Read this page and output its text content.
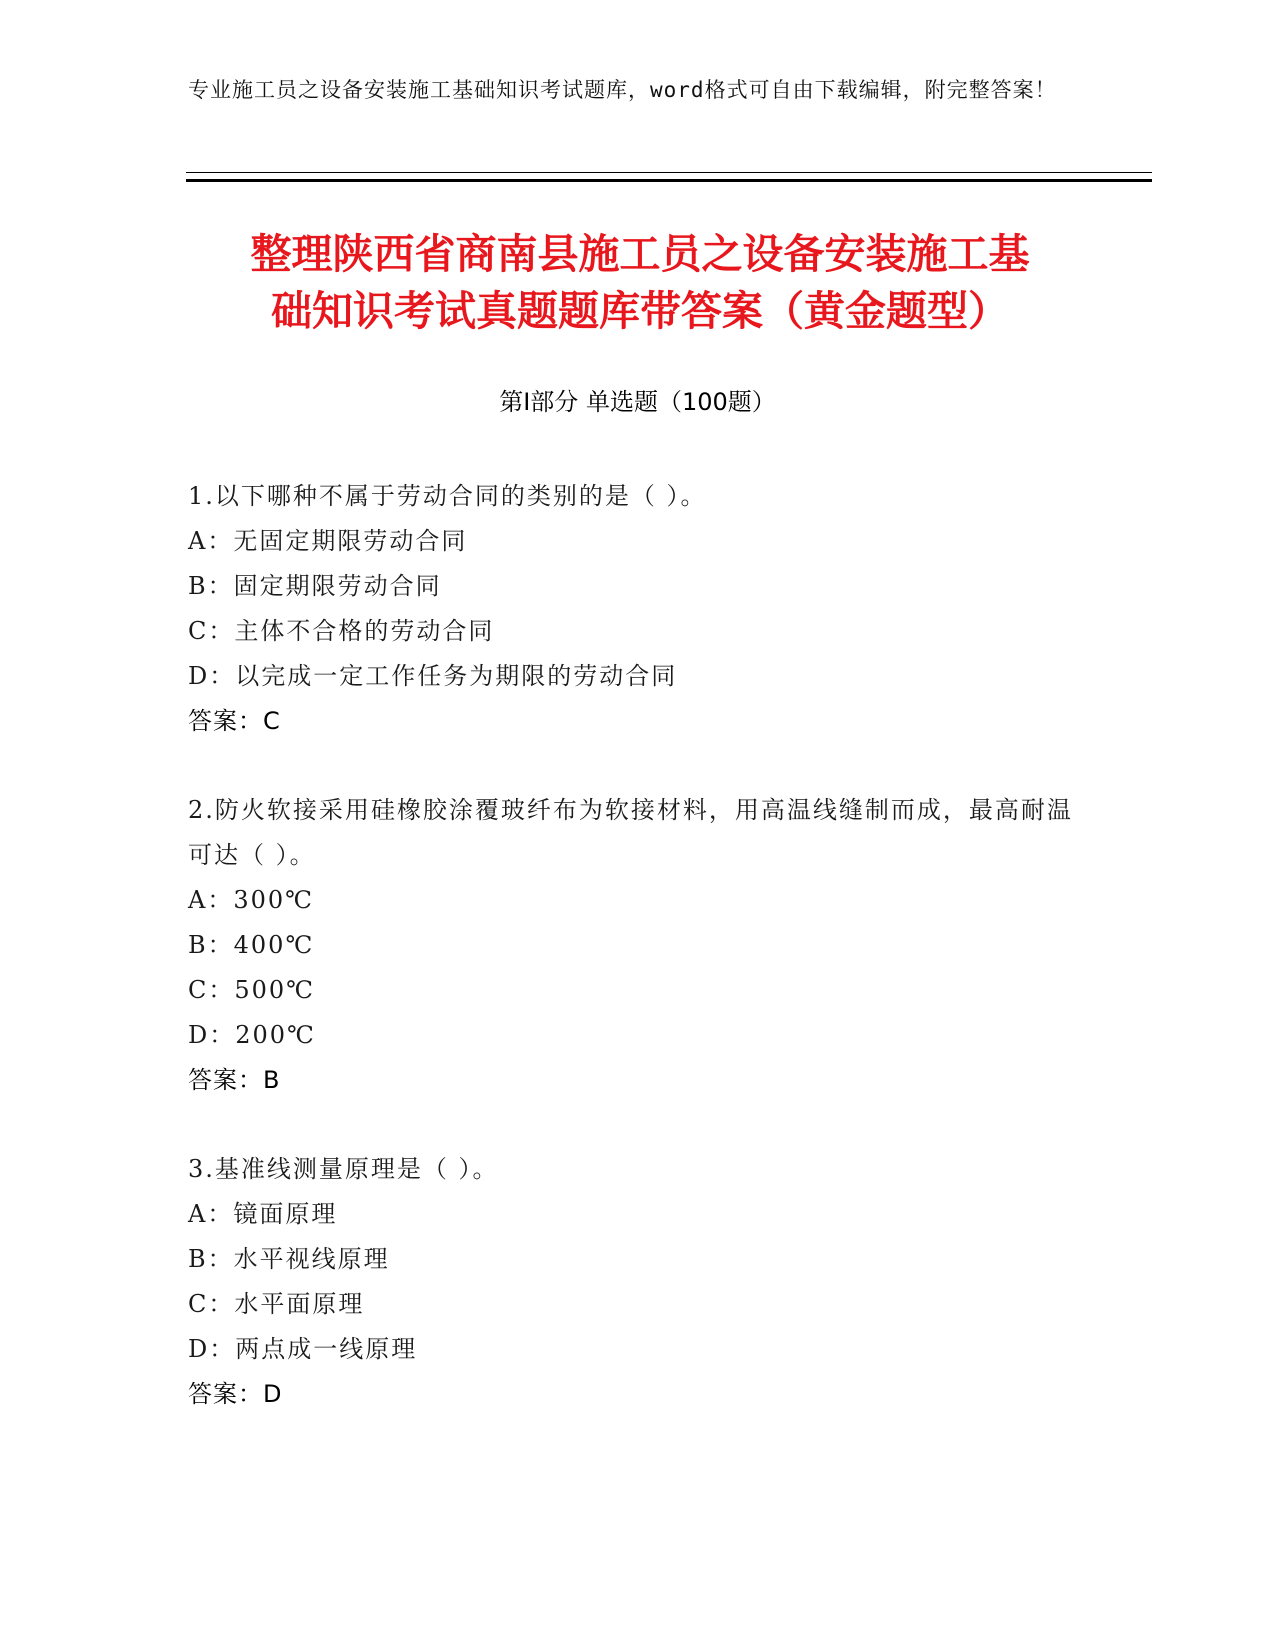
专业施工员之设备安装施工基础知识考试题库，word格式可自由下载编辑，附完整答案！
整理陕西省商南县施工员之设备安装施工基
础知识考试真题题库带答案（黄金题型）
第Ⅰ部分 单选题（100题）
1.以下哪种不属于劳动合同的类别的是（ ）。
A：无固定期限劳动合同
B：固定期限劳动合同
C：主体不合格的劳动合同
D：以完成一定工作任务为期限的劳动合同
答案：C
2.防火软接采用硅橡胶涂覆玻纤布为软接材料，用高温线缝制而成，最高耐温可达（ ）。
A：300℃
B：400℃
C：500℃
D：200℃
答案：B
3.基准线测量原理是（ ）。
A：镜面原理
B：水平视线原理
C：水平面原理
D：两点成一线原理
答案：D
